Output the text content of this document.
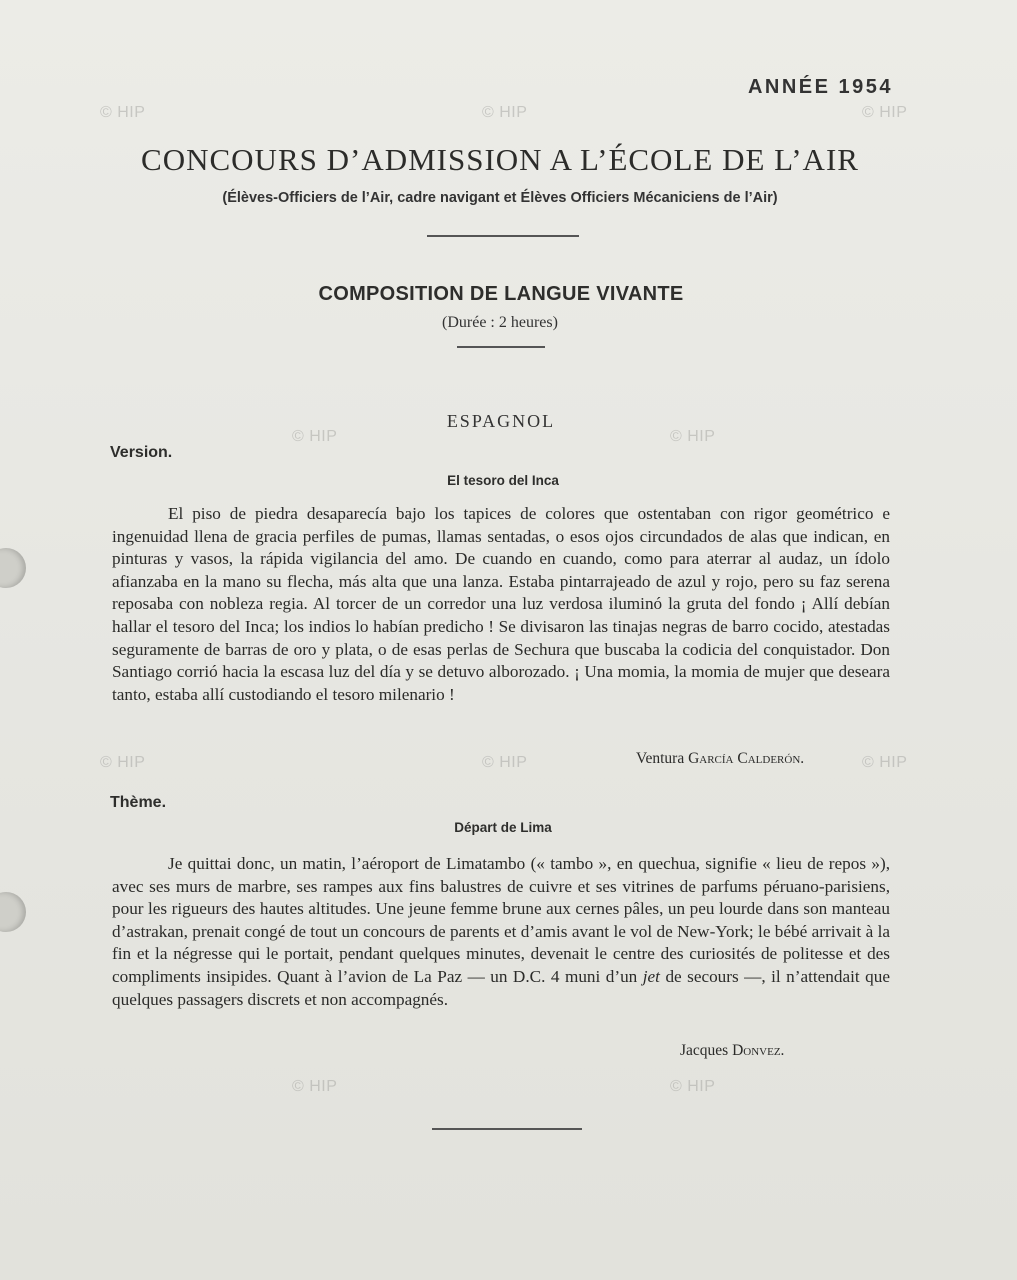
© HIP	© HIP	© HIP
© HIP	© HIP
© HIP	© HIP	© HIP
© HIP	© HIP
ANNÉE 1954
CONCOURS D’ADMISSION A L’ÉCOLE DE L’AIR
(Élèves-Officiers de l’Air, cadre navigant et Élèves Officiers Mécaniciens de l’Air)
COMPOSITION DE LANGUE VIVANTE
(Durée : 2 heures)
ESPAGNOL
Version.
El tesoro del Inca

El piso de piedra desaparecía bajo los tapices de colores que ostentaban con rigor geométrico e ingenuidad llena de gracia perfiles de pumas, llamas sentadas, o esos ojos circundados de alas que indican, en pinturas y vasos, la rápida vigilancia del amo. De cuando en cuando, como para aterrar al audaz, un ídolo afianzaba en la mano su flecha, más alta que una lanza. Estaba pintarrajeado de azul y rojo, pero su faz serena reposaba con nobleza regia. Al torcer de un corredor una luz verdosa iluminó la gruta del fondo ¡ Allí debían hallar el tesoro del Inca; los indios lo habían predicho ! Se divisaron las tinajas negras de barro cocido, atestadas seguramente de barras de oro y plata, o de esas perlas de Sechura que buscaba la codicia del conquistador. Don Santiago corrió hacia la escasa luz del día y se detuvo alborozado. ¡ Una momia, la momia de mujer que deseara tanto, estaba allí custodiando el tesoro milenario !

Ventura García Calderón.
Thème.
Départ de Lima

Je quittai donc, un matin, l’aéroport de Limatambo (« tambo », en quechua, signifie « lieu de repos »), avec ses murs de marbre, ses rampes aux fins balustres de cuivre et ses vitrines de parfums péruano-parisiens, pour les rigueurs des hautes altitudes. Une jeune femme brune aux cernes pâles, un peu lourde dans son manteau d’astrakan, prenait congé de tout un concours de parents et d’amis avant le vol de New-York; le bébé arrivait à la fin et la négresse qui le portait, pendant quelques minutes, devenait le centre des curiosités de politesse et des compliments insipides. Quant à l’avion de La Paz — un D.C. 4 muni d’un jet de secours —, il n’attendait que quelques passagers discrets et non accompagnés.

Jacques Donvez.
